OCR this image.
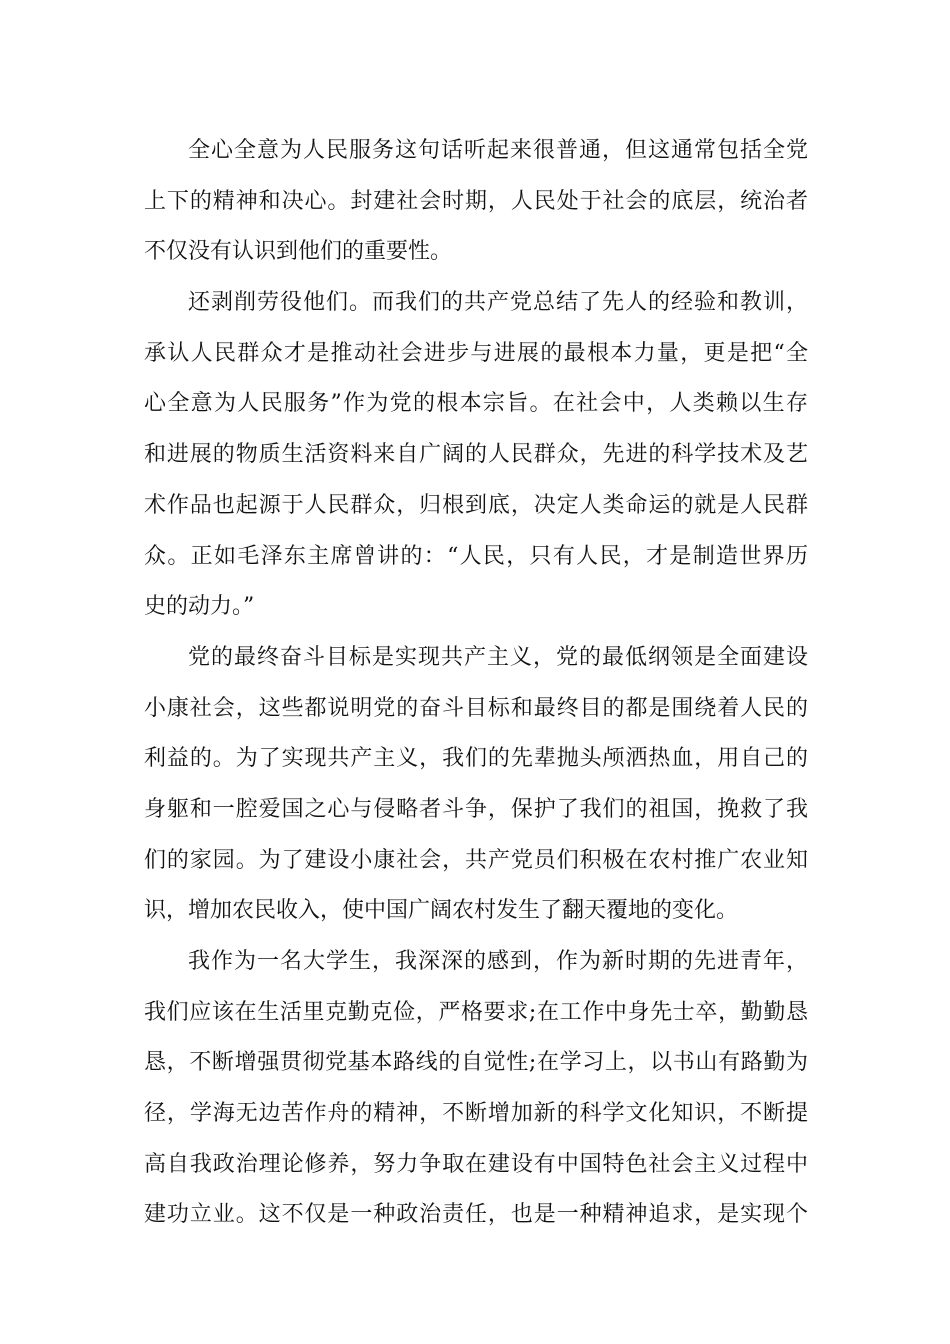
全心全意为人民服务这句话听起来很普通，但这通常包括全党
上下的精神和决心。封建社会时期，人民处于社会的底层，统治者
不仅没有认识到他们的重要性。

还剥削劳役他们。而我们的共产党总结了先人的经验和教训，
承认人民群众才是推动社会进步与进展的最根本力量，更是把“全
心全意为人民服务”作为党的根本宗旨。在社会中，人类赖以生存
和进展的物质生活资料来自广阔的人民群众，先进的科学技术及艺
术作品也起源于人民群众，归根到底，决定人类命运的就是人民群
众。正如毛泽东主席曾讲的：“人民，只有人民，才是制造世界历
史的动力。”

党的最终奋斗目标是实现共产主义，党的最低纲领是全面建设
小康社会，这些都说明党的奋斗目标和最终目的都是围绕着人民的
利益的。为了实现共产主义，我们的先辈抛头颅洒热血，用自己的
身躯和一腔爱国之心与侵略者斗争，保护了我们的祖国，挽救了我
们的家园。为了建设小康社会，共产党员们积极在农村推广农业知
识，增加农民收入，使中国广阔农村发生了翻天覆地的变化。

我作为一名大学生，我深深的感到，作为新时期的先进青年，
我们应该在生活里克勤克俭，严格要求;在工作中身先士卒，勤勤恳
恳，不断增强贯彻党基本路线的自觉性;在学习上，以书山有路勤为
径，学海无边苦作舟的精神，不断增加新的科学文化知识，不断提
高自我政治理论修养，努力争取在建设有中国特色社会主义过程中
建功立业。这不仅是一种政治责任，也是一种精神追求，是实现个
